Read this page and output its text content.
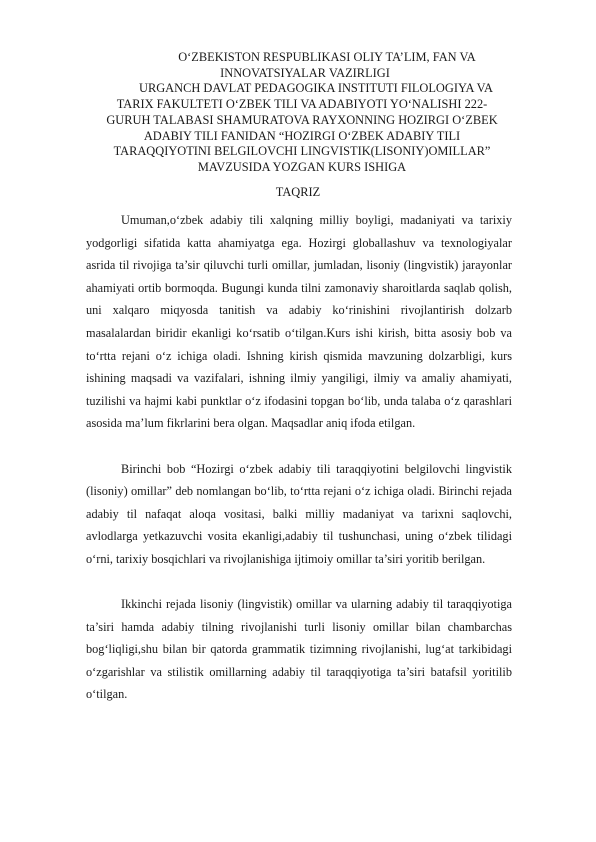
O‘ZBEKISTON RESPUBLIKASI OLIY TA’LIM, FAN VA
INNOVATSIYALAR VAZIRLIGI
URGANCH DAVLAT PEDAGOGIKA INSTITUTI FILOLOGIYA VA
TARIX FAKULTETI O‘ZBEK TILI VA ADABIYOTI YO‘NALISHI 222-
GURUH TALABASI SHAMURATOVA RAYXONNING HOZIRGI O‘ZBEK
ADABIY TILI FANIDAN “HOZIRGI O‘ZBEK ADABIY TILI
TARAQQIYOTINI BELGILOVCHI LINGVISTIK(LISONIY)OMILLAR”
MAVZUSIDA YOZGAN KURS ISHIGA
TAQRIZ

Umuman,o‘zbek adabiy tili xalqning milliy boyligi, madaniyati va tarixiy yodgorligi sifatida katta ahamiyatga ega. Hozirgi globallashuv va texnologiyalar asrida til rivojiga ta’sir qiluvchi turli omillar, jumladan, lisoniy (lingvistik) jarayonlar ahamiyati ortib bormoqda. Bugungi kunda tilni zamonaviy sharoitlarda saqlab qolish, uni xalqaro miqyosda tanitish va adabiy ko‘rinishini rivojlantirish dolzarb masalalardan biridir ekanligi ko‘rsatib o‘tilgan.Kurs ishi kirish, bitta asosiy bob va to‘rtta rejani o‘z ichiga oladi. Ishning kirish qismida mavzuning dolzarbligi, kurs ishining maqsadi va vazifalari, ishning ilmiy yangiligi, ilmiy va amaliy ahamiyati, tuzilishi va hajmi kabi punktlar o‘z ifodasini topgan bo‘lib, unda talaba o‘z qarashlari asosida ma’lum fikrlarini bera olgan. Maqsadlar aniq ifoda etilgan.

Birinchi bob “Hozirgi o‘zbek adabiy tili taraqqiyotini belgilovchi lingvistik (lisoniy) omillar” deb nomlangan bo‘lib, to‘rtta rejani o‘z ichiga oladi. Birinchi rejada adabiy til nafaqat aloqa vositasi, balki milliy madaniyat va tarixni saqlovchi, avlodlarga yetkazuvchi vosita ekanligi,adabiy til tushunchasi, uning o‘zbek tilidagi o‘rni, tarixiy bosqichlari va rivojlanishiga ijtimoiy omillar ta’siri yoritib berilgan.

Ikkinchi rejada lisoniy (lingvistik) omillar va ularning adabiy til taraqqiyotiga ta’siri hamda adabiy tilning rivojlanishi turli lisoniy omillar bilan chambarchas bog‘liqligi,shu bilan bir qatorda grammatik tizimning rivojlanishi, lug‘at tarkibidagi o‘zgarishlar va stilistik omillarning adabiy til taraqqiyotiga ta’siri batafsil yoritilib o‘tilgan.
